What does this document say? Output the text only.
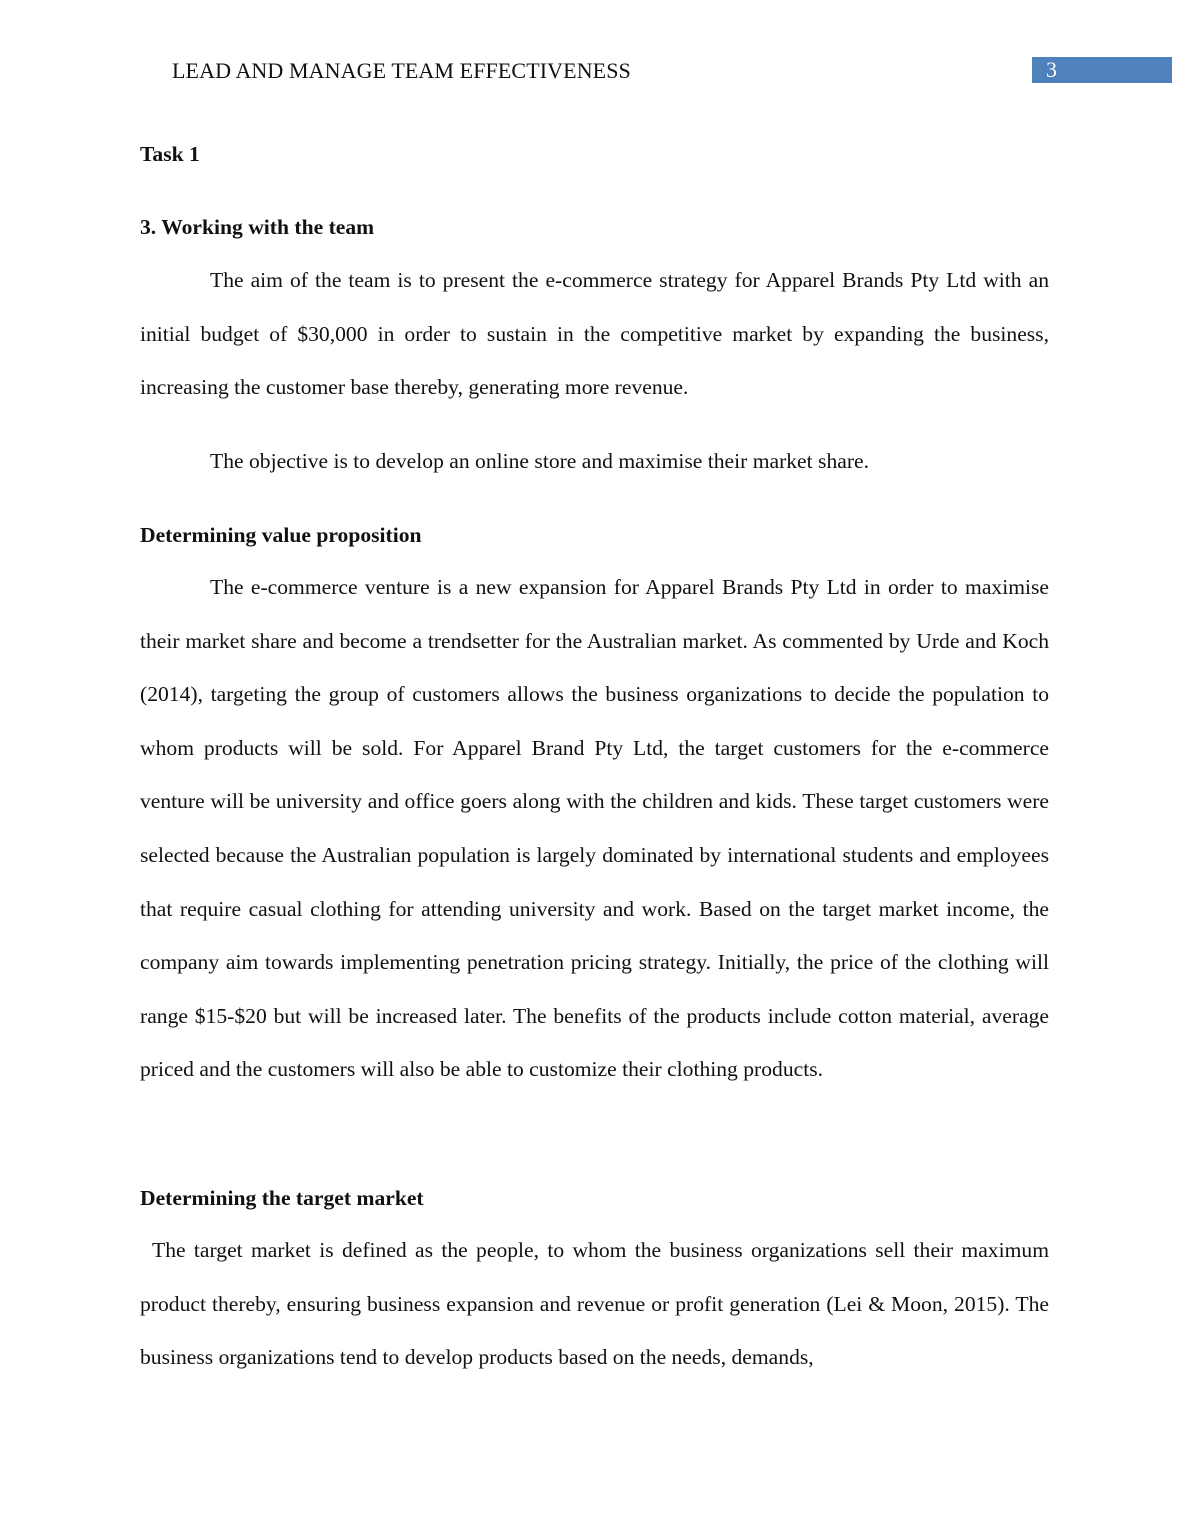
LEAD AND MANAGE TEAM EFFECTIVENESS	3
Task 1
3. Working with the team

The aim of the team is to present the e-commerce strategy for Apparel Brands Pty Ltd with an initial budget of $30,000 in order to sustain in the competitive market by expanding the business, increasing the customer base thereby, generating more revenue.

The objective is to develop an online store and maximise their market share.

Determining value proposition

The e-commerce venture is a new expansion for Apparel Brands Pty Ltd in order to maximise their market share and become a trendsetter for the Australian market. As commented by Urde and Koch (2014), targeting the group of customers allows the business organizations to decide the population to whom products will be sold. For Apparel Brand Pty Ltd, the target customers for the e-commerce venture will be university and office goers along with the children and kids. These target customers were selected because the Australian population is largely dominated by international students and employees that require casual clothing for attending university and work. Based on the target market income, the company aim towards implementing penetration pricing strategy. Initially, the price of the clothing will range $15-$20 but will be increased later. The benefits of the products include cotton material, average priced and the customers will also be able to customize their clothing products.

Determining the target market

The target market is defined as the people, to whom the business organizations sell their maximum product thereby, ensuring business expansion and revenue or profit generation (Lei & Moon, 2015). The business organizations tend to develop products based on the needs, demands,
